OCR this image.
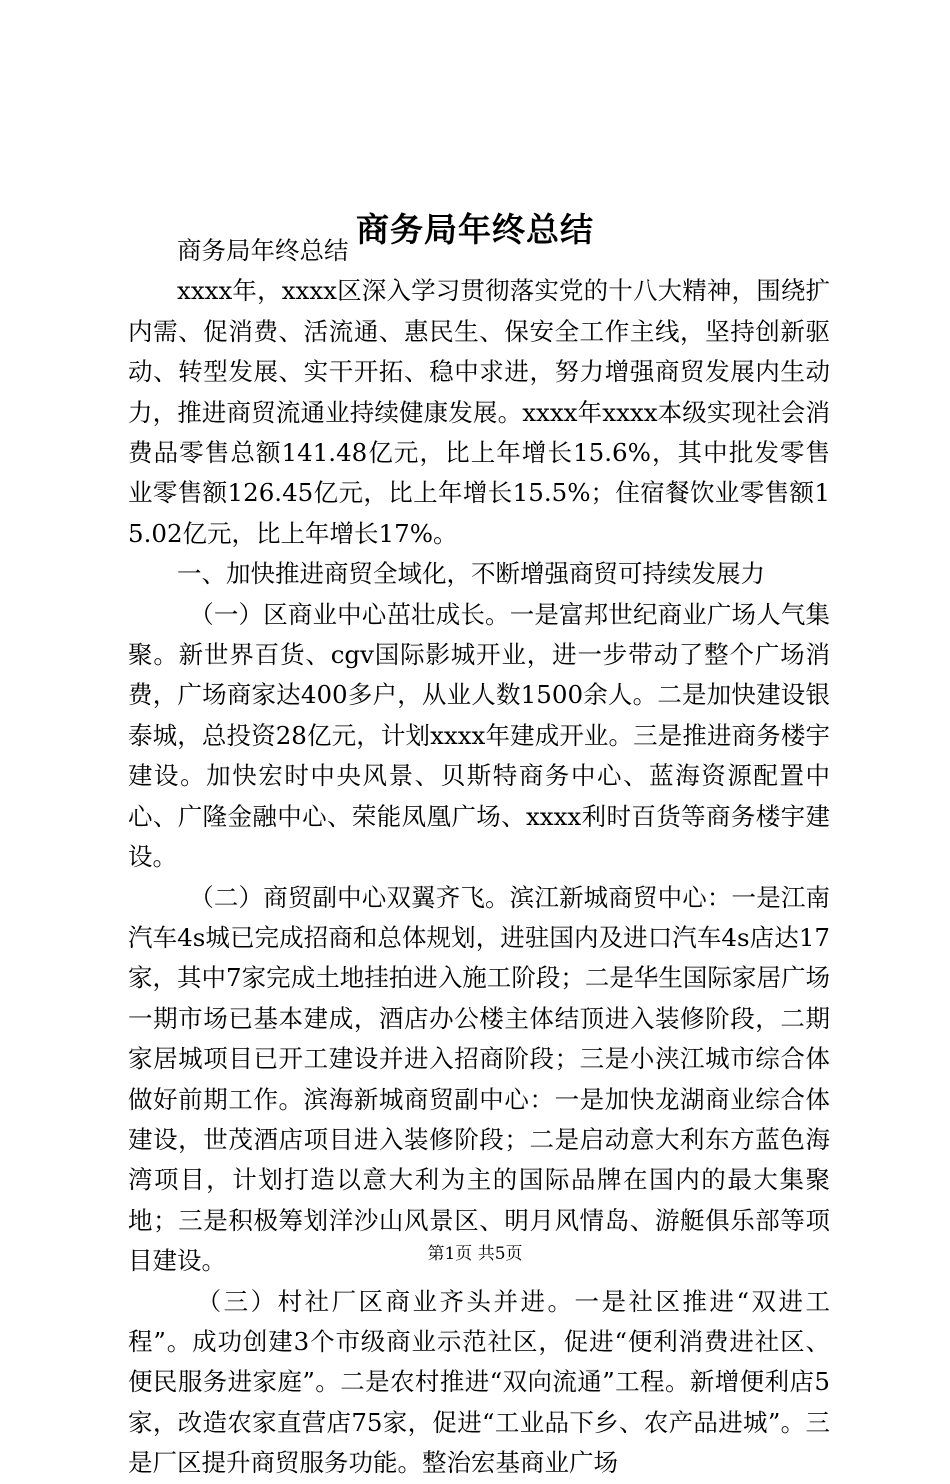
商务局年终总结

商务局年终总结

xxxx年，xxxx区深入学习贯彻落实党的十八大精神，围绕扩内需、促消费、活流通、惠民生、保安全工作主线，坚持创新驱动、转型发展、实干开拓、稳中求进，努力增强商贸发展内生动力，推进商贸流通业持续健康发展。xxxx年xxxx本级实现社会消费品零售总额141.48亿元，比上年增长15.6%，其中批发零售业零售额126.45亿元，比上年增长15.5%；住宿餐饮业零售额15.02亿元，比上年增长17%。

一、加快推进商贸全域化，不断增强商贸可持续发展力

（一）区商业中心茁壮成长。一是富邦世纪商业广场人气集聚。新世界百货、cgv国际影城开业，进一步带动了整个广场消费，广场商家达400多户，从业人数1500余人。二是加快建设银泰城，总投资28亿元，计划xxxx年建成开业。三是推进商务楼宇建设。加快宏时中央风景、贝斯特商务中心、蓝海资源配置中心、广隆金融中心、荣能凤凰广场、xxxx利时百货等商务楼宇建设。

（二）商贸副中心双翼齐飞。滨江新城商贸中心：一是江南汽车4s城已完成招商和总体规划，进驻国内及进口汽车4s店达17家，其中7家完成土地挂拍进入施工阶段；二是华生国际家居广场一期市场已基本建成，酒店办公楼主体结顶进入装修阶段，二期家居城项目已开工建设并进入招商阶段；三是小浃江城市综合体做好前期工作。滨海新城商贸副中心：一是加快龙湖商业综合体建设，世茂酒店项目进入装修阶段；二是启动意大利东方蓝色海湾项目，计划打造以意大利为主的国际品牌在国内的最大集聚地；三是积极筹划洋沙山风景区、明月风情岛、游艇俱乐部等项目建设。

（三）村社厂区商业齐头并进。一是社区推进“双进工程”。成功创建3个市级商业示范社区，促进“便利消费进社区、便民服务进家庭”。二是农村推进“双向流通”工程。新增便利店5家，改造农家直营店75家，促进“工业品下乡、农产品进城”。三是厂区提升商贸服务功能。整治宏基商业广场

第1页 共5页
